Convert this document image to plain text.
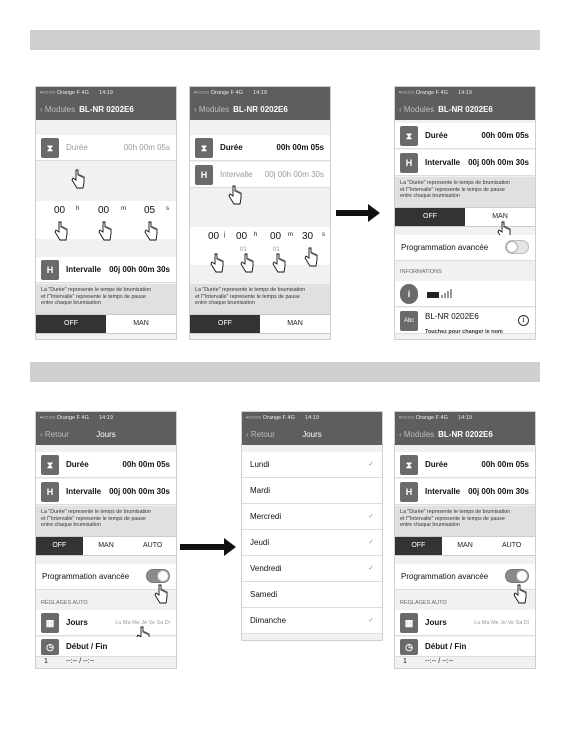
•○○○○ Orange F 4G 14:19
‹ Modules BL-NR 0202E6
⧗	Durée	00h 00m 05s
00 h 00 m 05 s
H	Intervalle 00j 00h 00m 30s
La "Durée" represente le temps de brumisation
et l'"Intervalle" represente le temps de pause
entre chaque brumisation
OFF	MAN
•○○○○ Orange F 4G 14:19
‹ Modules BL-NR 0202E6
⧗	Durée	00h 00m 05s
H	Intervalle 00j 00h 00m 30s
00 j 00 h 00 m 30 s
01	01
La "Durée" represente le temps de brumisation
et l'"Intervalle" represente le temps de pause
entre chaque brumisation
OFF	MAN
•○○○○ Orange F 4G 14:19
‹ Modules BL-NR 0202E6
⧗	Durée	00h 00m 05s
H	Intervalle 00j 00h 00m 30s
La "Durée" represente le temps de brumisation
et l'"Intervalle" represente le temps de pause
entre chaque brumisation
OFF	MAN
Programmation avancée
INFORMATIONS
i
Abc	BL-NR 0202E6
Touchez pour changer le nom
i
•○○○○ Orange F 4G 14:19
‹ Retour	Jours
⧗	Durée	00h 00m 05s
H	Intervalle 00j 00h 00m 30s
La "Durée" represente le temps de brumisation
et l'"Intervalle" represente le temps de pause
entre chaque brumisation
OFF	MAN	AUTO
Programmation avancée
RÉGLAGES AUTO
▦	Jours	Lu Ma Me Je Ve Sa Di
◷	Début / Fin
1	--:-- / --:--
•○○○○ Orange F 4G 14:19
‹ Retour	Jours
Lundi	✓
Mardi
Mercredi	✓
Jeudi	✓
Vendredi	✓
Samedi
Dimanche	✓
•○○○○ Orange F 4G 14:19
‹ Modules BL-NR 0202E6
⧗	Durée	00h 00m 05s
H	Intervalle 00j 00h 00m 30s
La "Durée" represente le temps de brumisation
et l'"Intervalle" represente le temps de pause
entre chaque brumisation
OFF	MAN	AUTO
Programmation avancée
RÉGLAGES AUTO
▦	Jours	Lu Ma Me Je Ve Sa Di
◷	Début / Fin
1	--:-- / --:--
